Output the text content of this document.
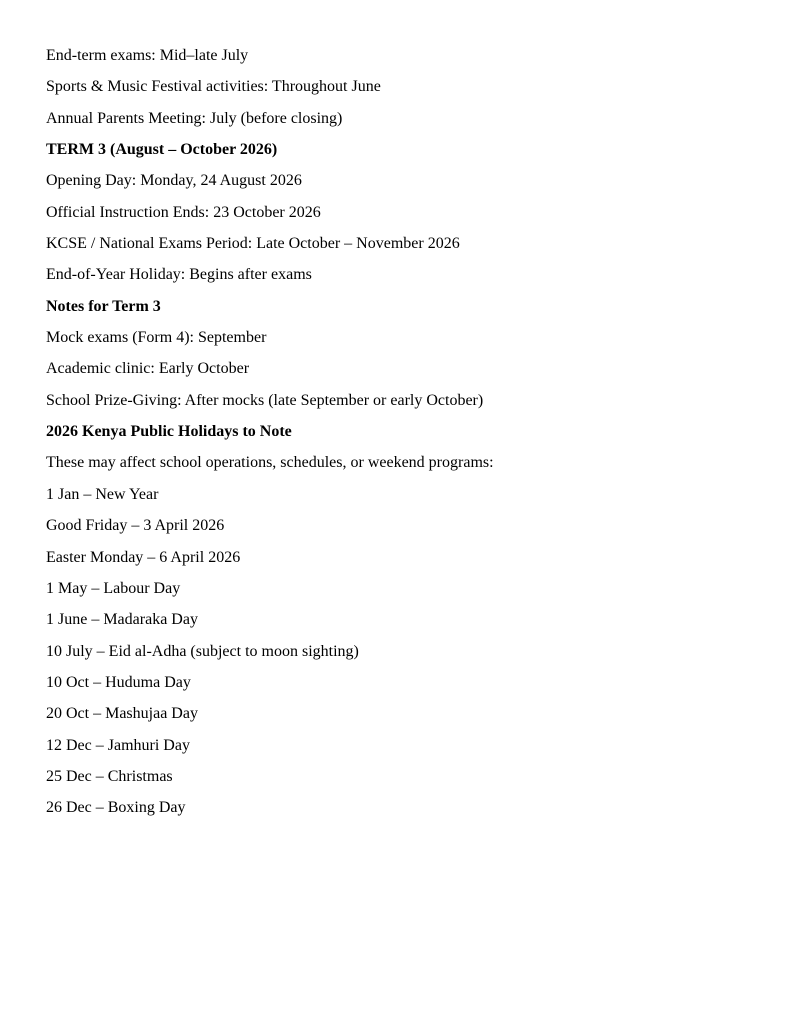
End-term exams: Mid–late July

Sports & Music Festival activities: Throughout June

Annual Parents Meeting: July (before closing)

TERM 3 (August – October 2026)

Opening Day: Monday, 24 August 2026

Official Instruction Ends: 23 October 2026

KCSE / National Exams Period: Late October – November 2026

End-of-Year Holiday: Begins after exams

Notes for Term 3

Mock exams (Form 4): September

Academic clinic: Early October

School Prize-Giving: After mocks (late September or early October)

2026 Kenya Public Holidays to Note

These may affect school operations, schedules, or weekend programs:

1 Jan – New Year

Good Friday – 3 April 2026

Easter Monday – 6 April 2026

1 May – Labour Day

1 June – Madaraka Day

10 July – Eid al-Adha (subject to moon sighting)

10 Oct – Huduma Day

20 Oct – Mashujaa Day

12 Dec – Jamhuri Day

25 Dec – Christmas

26 Dec – Boxing Day
